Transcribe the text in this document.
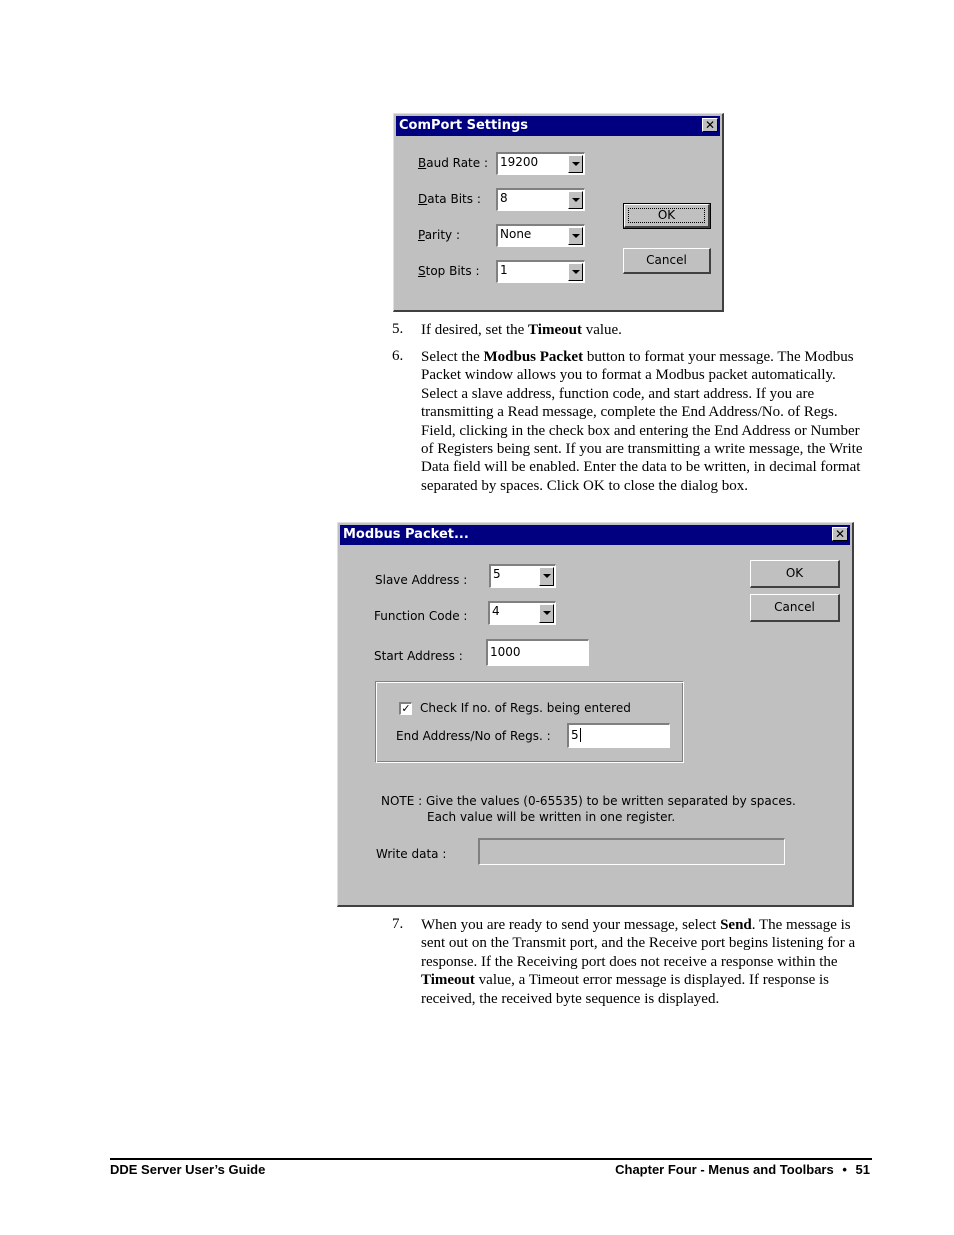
ComPort Settings	✕
Baud Rate : 19200
Data Bits : 8
Parity :	None
Stop Bits : 1
OK
Cancel
5. If desired, set the Timeout value.
6. Select the Modbus Packet button to format your message. The Modbus Packet window allows you to format a Modbus packet automatically. Select a slave address, function code, and start address. If you are transmitting a Read message, complete the End Address/No. of Regs. Field, clicking in the check box and entering the End Address or Number of Registers being sent. If you are transmitting a write message, the Write Data field will be enabled. Enter the data to be written, in decimal format separated by spaces. Click OK to close the dialog box.
Modbus Packet...	✕
Slave Address : 5
Function Code : 4
Start Address :	1000
✓ Check If no. of Regs. being entered
End Address/No of Regs. :	5
NOTE : Give the values (0-65535) to be written separated by spaces.
Each value will be written in one register.
Write data :
OK
Cancel
7. When you are ready to send your message, select Send. The message is sent out on the Transmit port, and the Receive port begins listening for a response. If the Receiving port does not receive a response within the Timeout value, a Timeout error message is displayed. If response is received, the received byte sequence is displayed.
DDE Server User’s Guide	Chapter Four - Menus and Toolbars • 51
